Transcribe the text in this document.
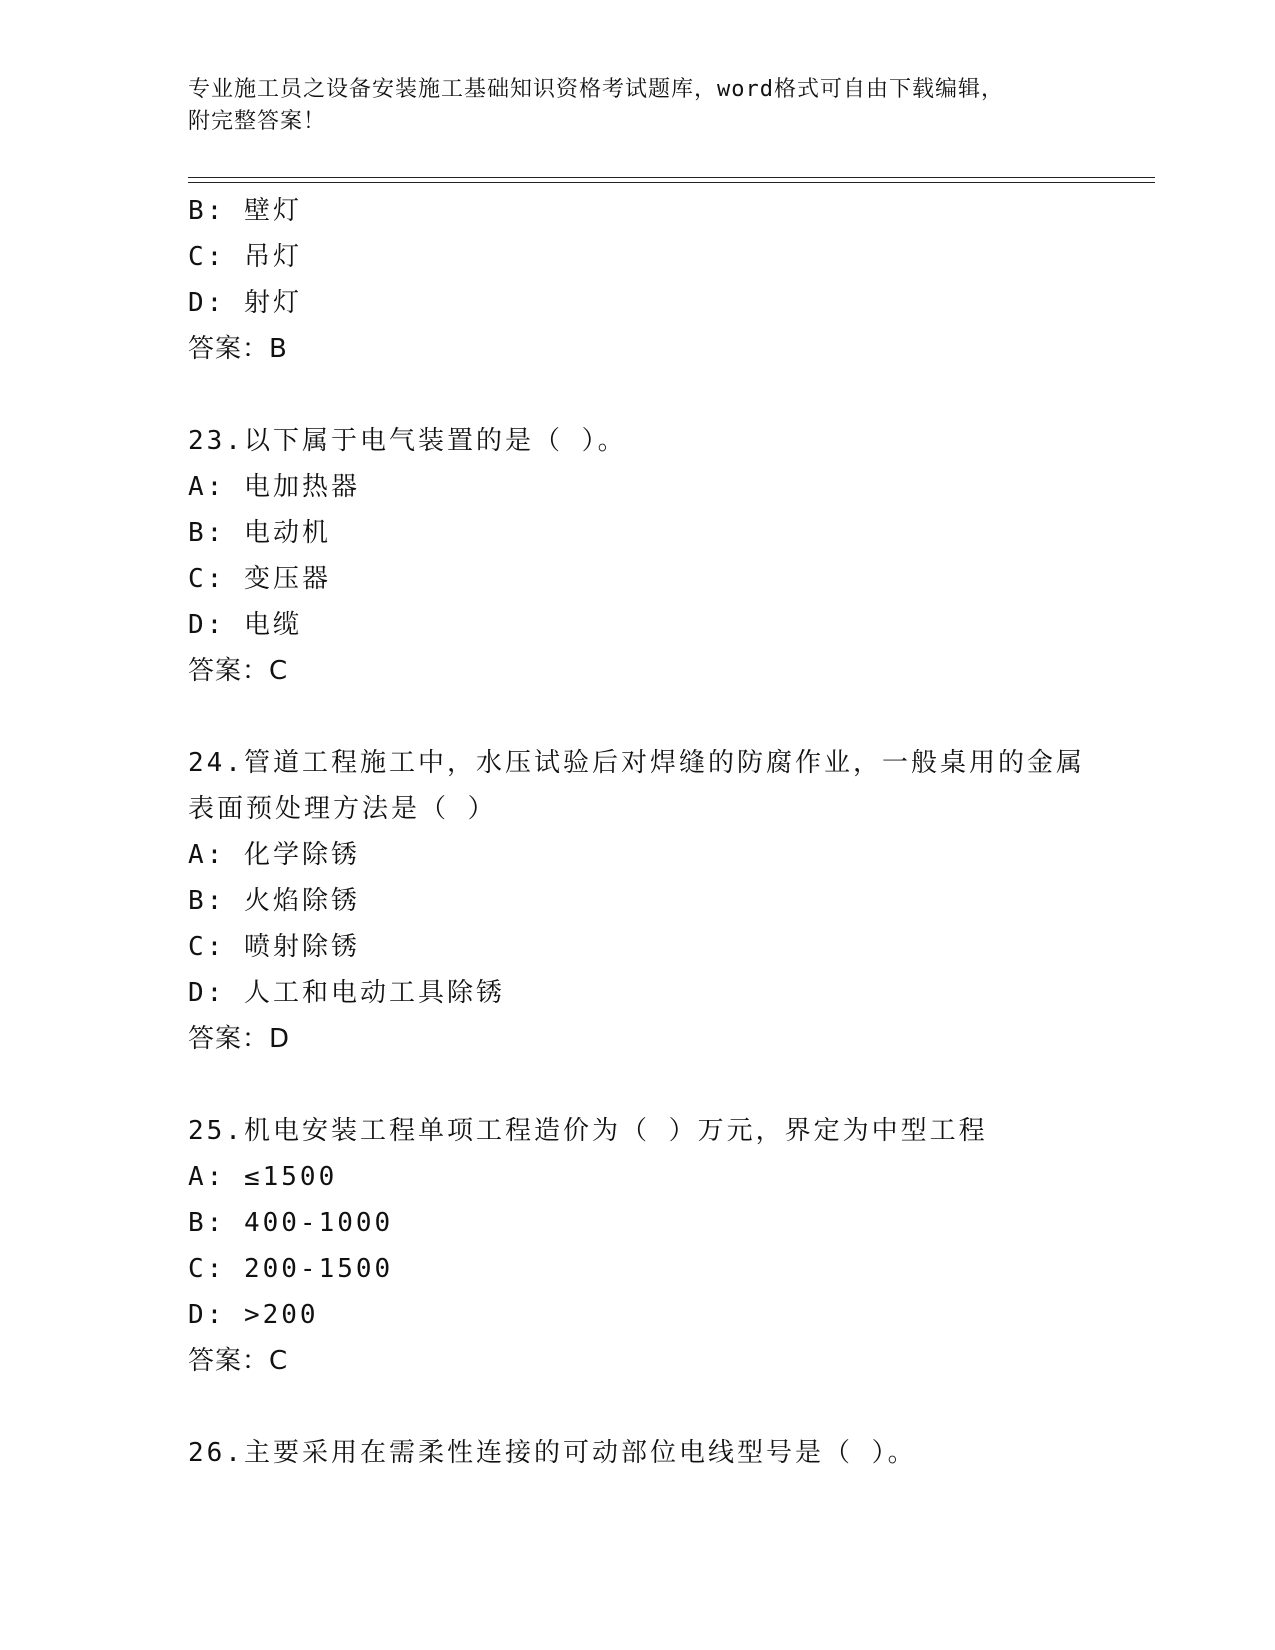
专业施工员之设备安装施工基础知识资格考试题库，word格式可自由下载编辑，
附完整答案！
B: 壁灯
C: 吊灯
D: 射灯
答案：B
23.以下属于电气装置的是（ ）。
A: 电加热器
B: 电动机
C: 变压器
D: 电缆
答案：C
24.管道工程施工中，水压试验后对焊缝的防腐作业，一般桌用的金属
表面预处理方法是（ ）
A: 化学除锈
B: 火焰除锈
C: 喷射除锈
D: 人工和电动工具除锈
答案：D
25.机电安装工程单项工程造价为（ ）万元，界定为中型工程
A: ≤1500
B: 400-1000
C: 200-1500
D: >200
答案：C
26.主要采用在需柔性连接的可动部位电线型号是（ ）。
